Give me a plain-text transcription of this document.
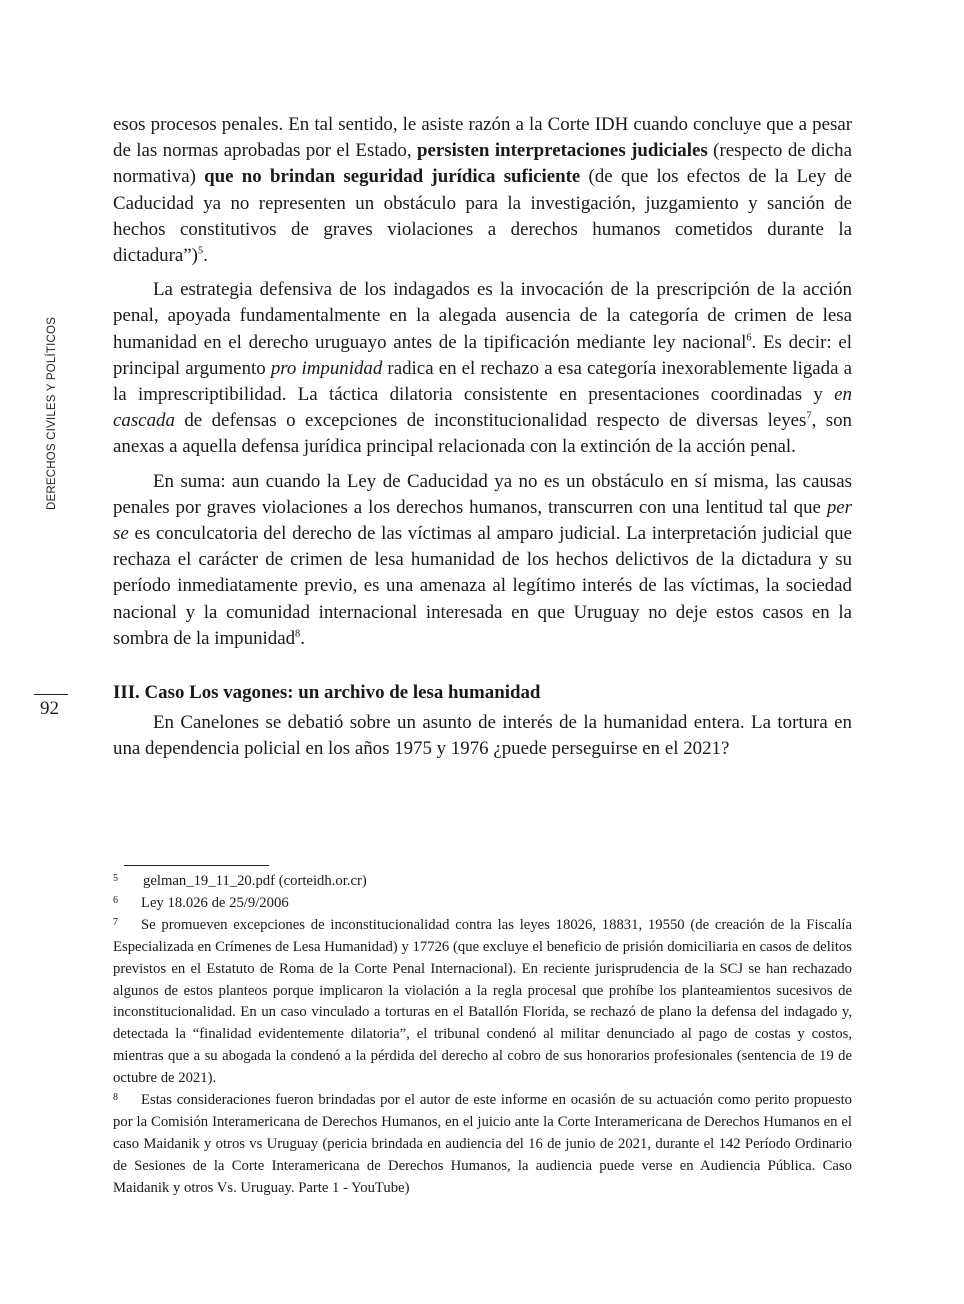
DERECHOS CIVILES Y POLÍTICOS
92

esos procesos penales. En tal sentido, le asiste razón a la Corte IDH cuando concluye que a pesar de las normas aprobadas por el Estado, persisten interpretaciones judiciales (respecto de dicha normativa) que no brindan seguridad jurídica suficiente (de que los efectos de la Ley de Caducidad ya no representen un obstáculo para la investigación, juzgamiento y sanción de hechos constitutivos de graves violaciones a derechos humanos cometidos durante la dictadura”)$^5$.

La estrategia defensiva de los indagados es la invocación de la prescripción de la acción penal, apoyada fundamentalmente en la alegada ausencia de la categoría de crimen de lesa humanidad en el derecho uruguayo antes de la tipificación mediante ley nacional$^6$. Es decir: el principal argumento pro impunidad radica en el rechazo a esa categoría inexorablemente ligada a la imprescriptibilidad. La táctica dilatoria consistente en presentaciones coordinadas y en cascada de defensas o excepciones de inconstitucionalidad respecto de diversas leyes$^7$, son anexas a aquella defensa jurídica principal relacionada con la extinción de la acción penal.

En suma: aun cuando la Ley de Caducidad ya no es un obstáculo en sí misma, las causas penales por graves violaciones a los derechos humanos, transcurren con una lentitud tal que per se es conculcatoria del derecho de las víctimas al amparo judicial. La interpretación judicial que rechaza el carácter de crimen de lesa humanidad de los hechos delictivos de la dictadura y su período inmediatamente previo, es una amenaza al legítimo interés de las víctimas, la sociedad nacional y la comunidad internacional interesada en que Uruguay no deje estos casos en la sombra de la impunidad$^8$.

III. Caso Los vagones: un archivo de lesa humanidad

En Canelones se debatió sobre un asunto de interés de la humanidad entera. La tortura en una dependencia policial en los años 1975 y 1976 ¿puede perseguirse en el 2021?

5 gelman_19_11_20.pdf (corteidh.or.cr)

6 Ley 18.026 de 25/9/2006

7 Se promueven excepciones de inconstitucionalidad contra las leyes 18026, 18831, 19550 (de creación de la Fiscalía Especializada en Crímenes de Lesa Humanidad) y 17726 (que excluye el beneficio de prisión domiciliaria en casos de delitos previstos en el Estatuto de Roma de la Corte Penal Internacional). En reciente jurisprudencia de la SCJ se han rechazado algunos de estos planteos porque implicaron la violación a la regla procesal que prohíbe los planteamientos sucesivos de inconstitucionalidad. En un caso vinculado a torturas en el Batallón Florida, se rechazó de plano la defensa del indagado y, detectada la “finalidad evidentemente dilatoria”, el tribunal condenó al militar denunciado al pago de costas y costos, mientras que a su abogada la condenó a la pérdida del derecho al cobro de sus honorarios profesionales (sentencia de 19 de octubre de 2021).

8 Estas consideraciones fueron brindadas por el autor de este informe en ocasión de su actuación como perito propuesto por la Comisión Interamericana de Derechos Humanos, en el juicio ante la Corte Interamericana de Derechos Humanos en el caso Maidanik y otros vs Uruguay (pericia brindada en audiencia del 16 de junio de 2021, durante el 142 Período Ordinario de Sesiones de la Corte Interamericana de Derechos Humanos, la audiencia puede verse en Audiencia Pública. Caso Maidanik y otros Vs. Uruguay. Parte 1 - YouTube)
